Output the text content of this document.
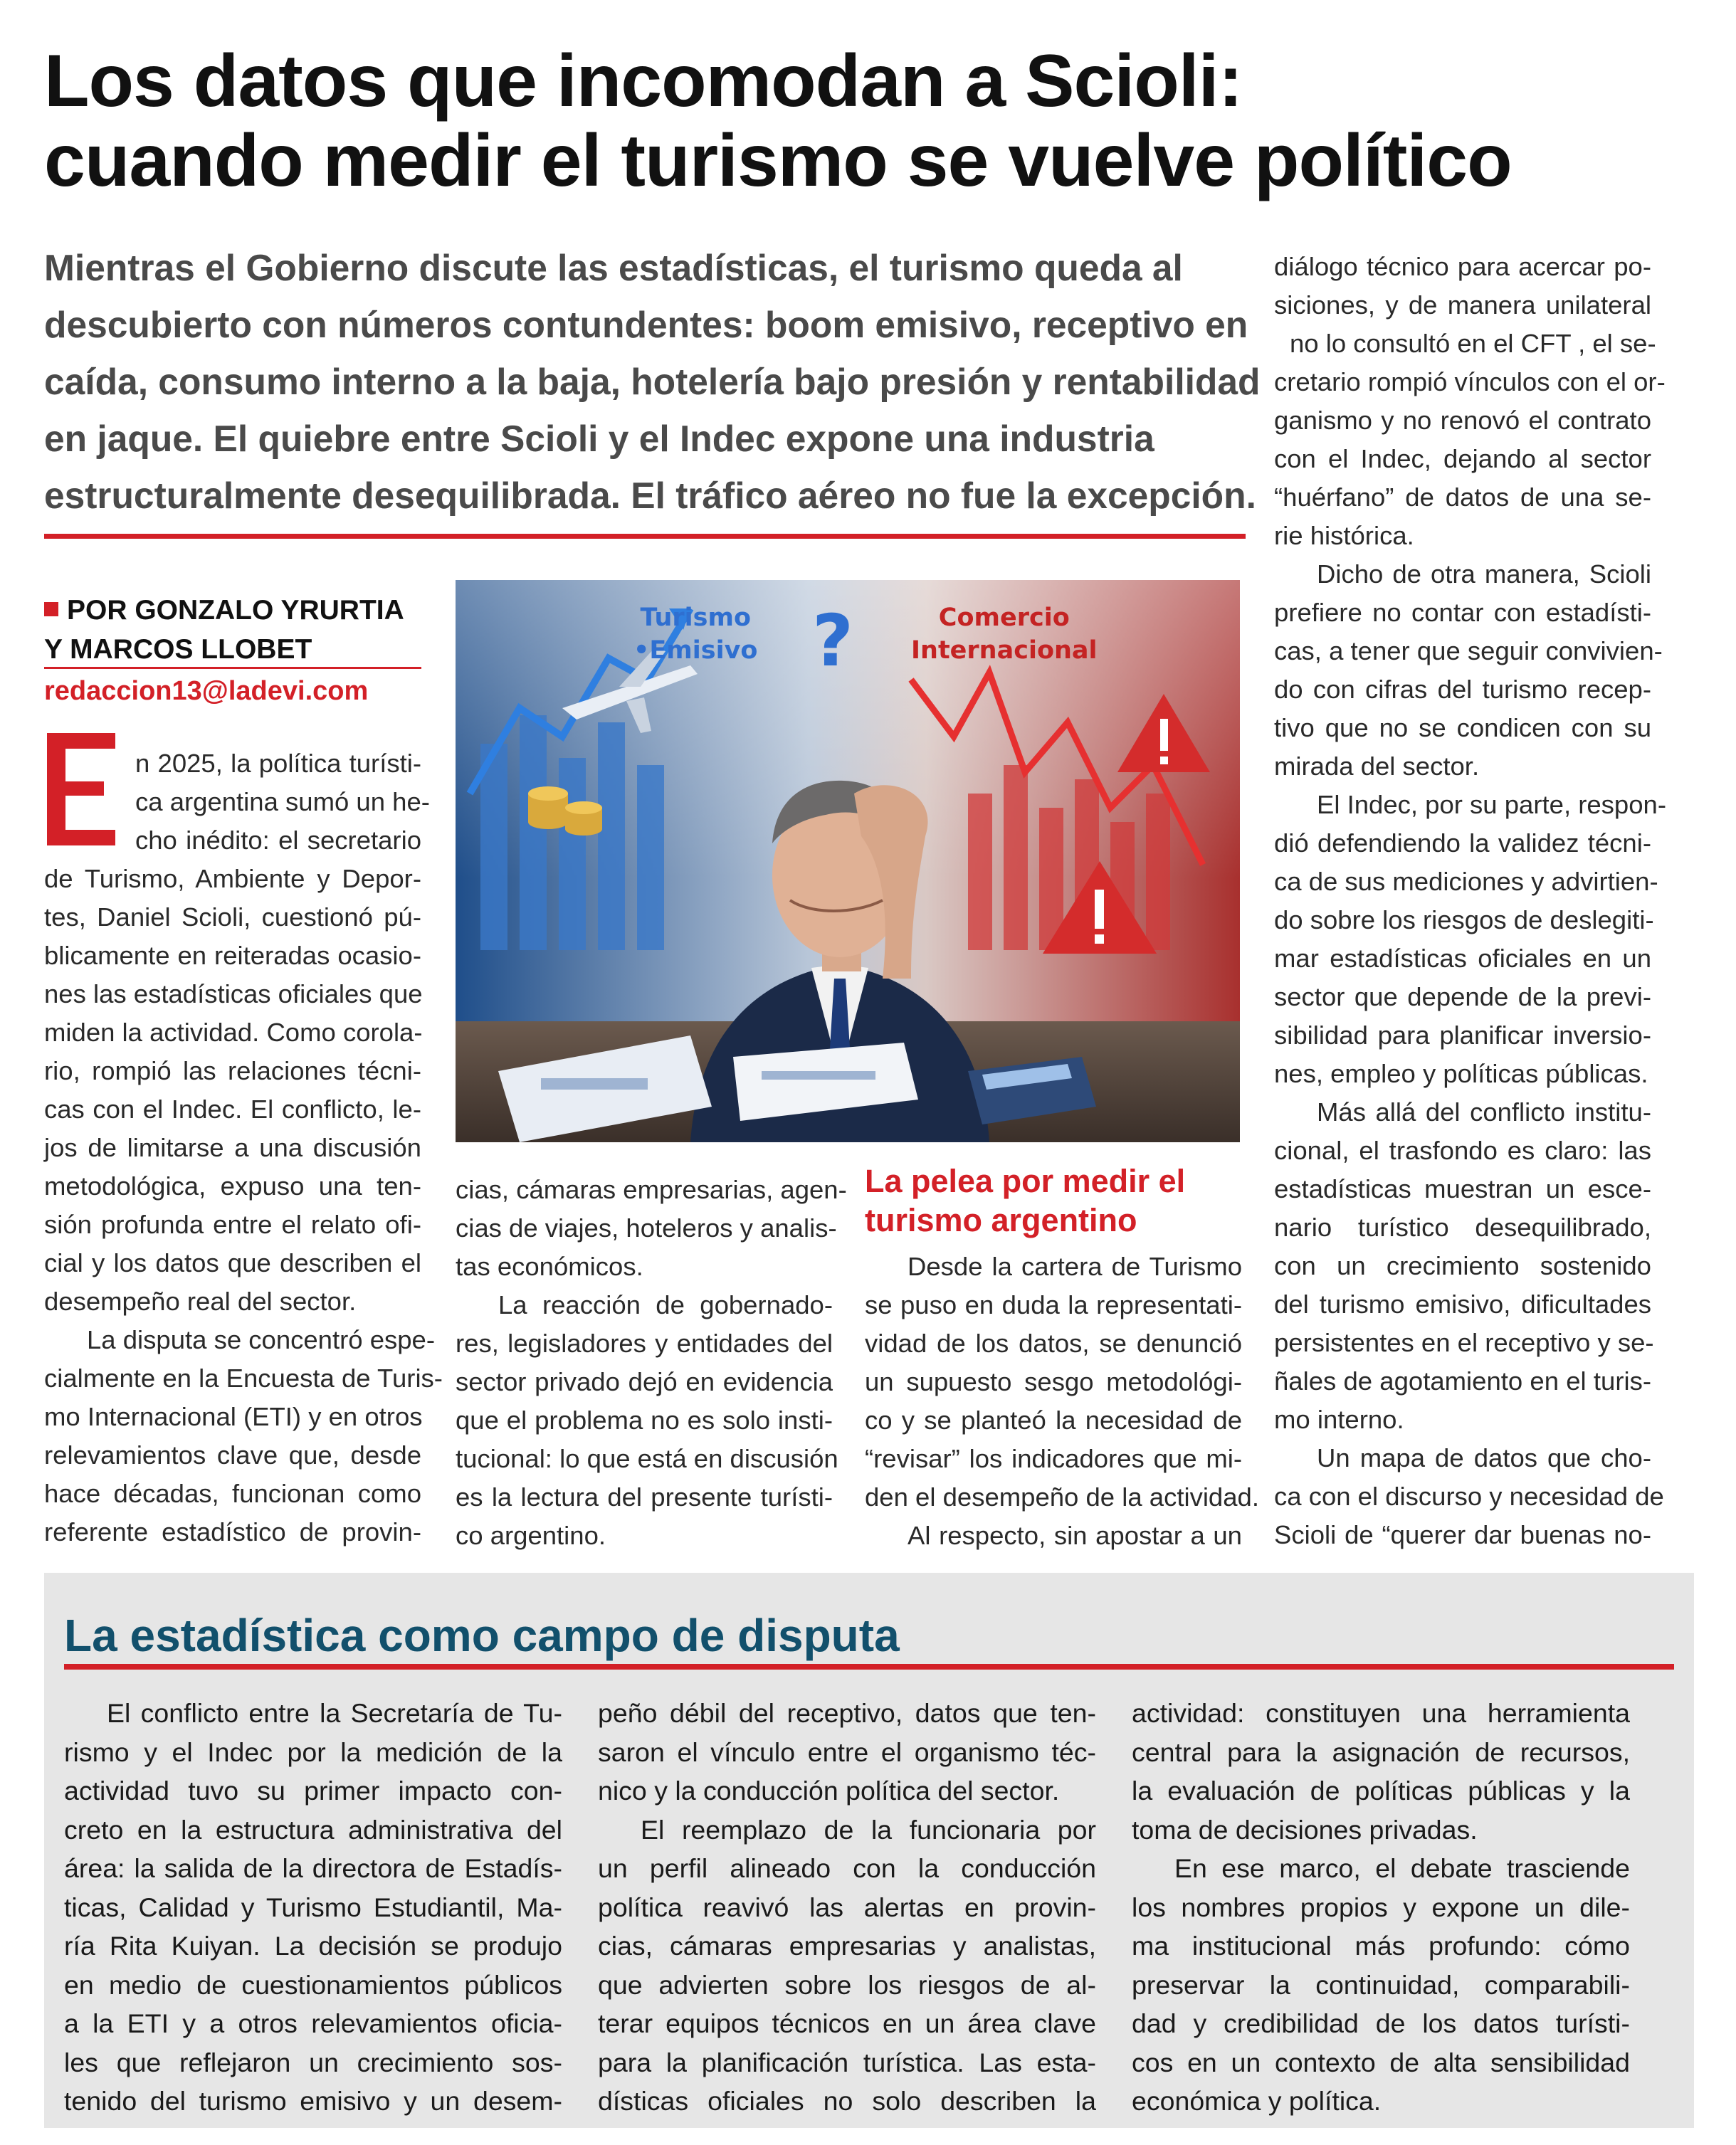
Los datos que incomodan a Scioli:
cuando medir el turismo se vuelve político
Mientras el Gobierno discute las estadísticas, el turismo queda al
descubierto con números contundentes: boom emisivo, receptivo en
caída, consumo interno a la baja, hotelería bajo presión y rentabilidad
en jaque. El quiebre entre Scioli y el Indec expone una industria
estructuralmente desequilibrada. El tráfico aéreo no fue la excepción.
POR GONZALO YRURTIA
Y MARCOS LLOBET
redaccion13@ladevi.com
n 2025, la política turísti-
ca argentina sumó un he-
cho inédito: el secretario
de Turismo, Ambiente y Depor-
tes, Daniel Scioli, cuestionó pú-
blicamente en reiteradas ocasio-
nes las estadísticas oficiales que
miden la actividad. Como corola-
rio, rompió las relaciones técni-
cas con el Indec. El conflicto, le-
jos de limitarse a una discusión
metodológica, expuso una ten-
sión profunda entre el relato ofi-
cial y los datos que describen el
desempeño real del sector.
La disputa se concentró espe-
cialmente en la Encuesta de Turis-
mo Internacional (ETI) y en otros
relevamientos clave que, desde
hace décadas, funcionan como
referente estadístico de provin-
?
Turismo
•Emisivo
Comercio
Internacional
cias, cámaras empresarias, agen-
cias de viajes, hoteleros y analis-
tas económicos.
La reacción de gobernado-
res, legisladores y entidades del
sector privado dejó en evidencia
que el problema no es solo insti-
tucional: lo que está en discusión
es la lectura del presente turísti-
co argentino.
La pelea por medir el turismo argentino
Desde la cartera de Turismo
se puso en duda la representati-
vidad de los datos, se denunció
un supuesto sesgo metodológi-
co y se planteó la necesidad de
“revisar” los indicadores que mi-
den el desempeño de la actividad.
Al respecto, sin apostar a un
diálogo técnico para acercar po-
siciones, y de manera unilateral
no lo consultó en el CFT , el se-
cretario rompió vínculos con el or-
ganismo y no renovó el contrato
con el Indec, dejando al sector
“huérfano” de datos de una se-
rie histórica.
Dicho de otra manera, Scioli
prefiere no contar con estadísti-
cas, a tener que seguir convivien-
do con cifras del turismo recep-
tivo que no se condicen con su
mirada del sector.
El Indec, por su parte, respon-
dió defendiendo la validez técni-
ca de sus mediciones y advirtien-
do sobre los riesgos de deslegiti-
mar estadísticas oficiales en un
sector que depende de la previ-
sibilidad para planificar inversio-
nes, empleo y políticas públicas.
Más allá del conflicto institu-
cional, el trasfondo es claro: las
estadísticas muestran un esce-
nario turístico desequilibrado,
con un crecimiento sostenido
del turismo emisivo, dificultades
persistentes en el receptivo y se-
ñales de agotamiento en el turis-
mo interno.
Un mapa de datos que cho-
ca con el discurso y necesidad de
Scioli de “querer dar buenas no-
La estadística como campo de disputa
El conflicto entre la Secretaría de Tu-
rismo y el Indec por la medición de la
actividad tuvo su primer impacto con-
creto en la estructura administrativa del
área: la salida de la directora de Estadís-
ticas, Calidad y Turismo Estudiantil, Ma-
ría Rita Kuiyan. La decisión se produjo
en medio de cuestionamientos públicos
a la ETI y a otros relevamientos oficia-
les que reflejaron un crecimiento sos-
tenido del turismo emisivo y un desem-
peño débil del receptivo, datos que ten-
saron el vínculo entre el organismo téc-
nico y la conducción política del sector.
El reemplazo de la funcionaria por
un perfil alineado con la conducción
política reavivó las alertas en provin-
cias, cámaras empresarias y analistas,
que advierten sobre los riesgos de al-
terar equipos técnicos en un área clave
para la planificación turística. Las esta-
dísticas oficiales no solo describen la
actividad: constituyen una herramienta
central para la asignación de recursos,
la evaluación de políticas públicas y la
toma de decisiones privadas.
En ese marco, el debate trasciende
los nombres propios y expone un dile-
ma institucional más profundo: cómo
preservar la continuidad, comparabili-
dad y credibilidad de los datos turísti-
cos en un contexto de alta sensibilidad
económica y política.
